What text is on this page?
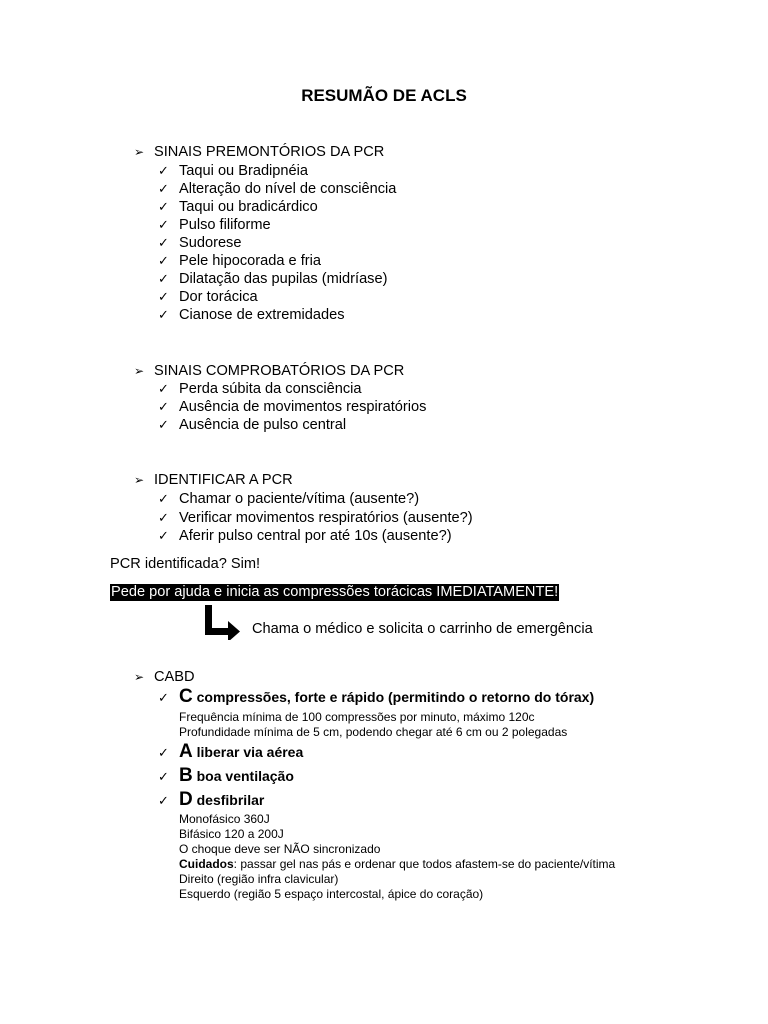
RESUMÃO DE ACLS
➢ SINAIS PREMONTÓRIOS DA PCR
✓ Taqui ou Bradipnéia
✓ Alteração do nível de consciência
✓ Taqui ou bradicárdico
✓ Pulso filiforme
✓ Sudorese
✓ Pele hipocorada e fria
✓ Dilatação das pupilas (midríase)
✓ Dor torácica
✓ Cianose de extremidades
➢ SINAIS COMPROBATÓRIOS DA PCR
✓ Perda súbita da consciência
✓ Ausência de movimentos respiratórios
✓ Ausência de pulso central
➢ IDENTIFICAR A PCR
✓ Chamar o paciente/vítima (ausente?)
✓ Verificar movimentos respiratórios (ausente?)
✓ Aferir pulso central por até 10s (ausente?)
PCR identificada? Sim!
Pede por ajuda e inicia as compressões torácicas IMEDIATAMENTE!
Chama o médico e solicita o carrinho de emergência
➢ CABD
✓ C compressões, forte e rápido (permitindo o retorno do tórax)
Frequência mínima de 100 compressões por minuto, máximo 120c
Profundidade mínima de 5 cm, podendo chegar até 6 cm ou 2 polegadas
✓ A liberar via aérea
✓ B boa ventilação
✓ D desfibrilar
Monofásico 360J
Bifásico 120 a 200J
O choque deve ser NÃO sincronizado
Cuidados: passar gel nas pás e ordenar que todos afastem-se do paciente/vítima
Direito (região infra clavicular)
Esquerdo (região 5 espaço intercostal, ápice do coração)
